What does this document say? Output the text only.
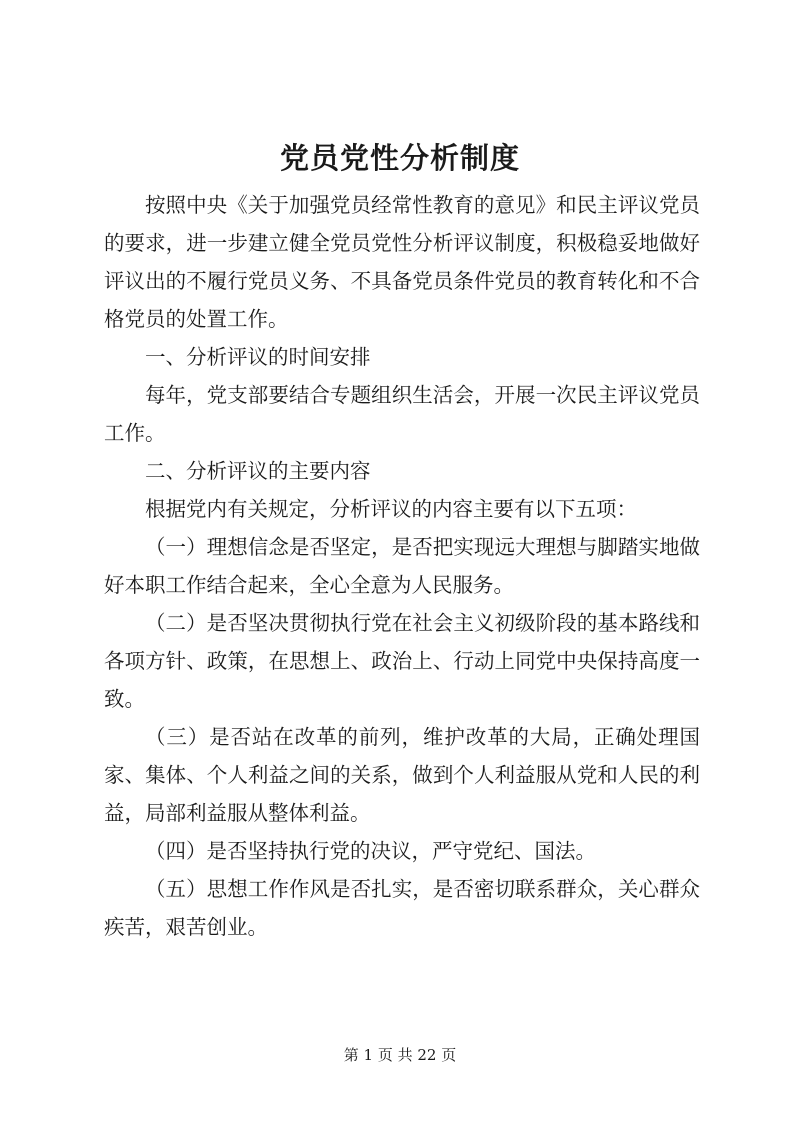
党员党性分析制度

按照中央《关于加强党员经常性教育的意见》和民主评议党员的要求，进一步建立健全党员党性分析评议制度，积极稳妥地做好评议出的不履行党员义务、不具备党员条件党员的教育转化和不合格党员的处置工作。

一、分析评议的时间安排

每年，党支部要结合专题组织生活会，开展一次民主评议党员工作。

二、分析评议的主要内容

根据党内有关规定，分析评议的内容主要有以下五项：

（一）理想信念是否坚定，是否把实现远大理想与脚踏实地做好本职工作结合起来，全心全意为人民服务。

（二）是否坚决贯彻执行党在社会主义初级阶段的基本路线和各项方针、政策，在思想上、政治上、行动上同党中央保持高度一致。

（三）是否站在改革的前列，维护改革的大局，正确处理国家、集体、个人利益之间的关系，做到个人利益服从党和人民的利益，局部利益服从整体利益。

（四）是否坚持执行党的决议，严守党纪、国法。

（五）思想工作作风是否扎实，是否密切联系群众，关心群众疾苦，艰苦创业。

第 1 页 共 22 页
